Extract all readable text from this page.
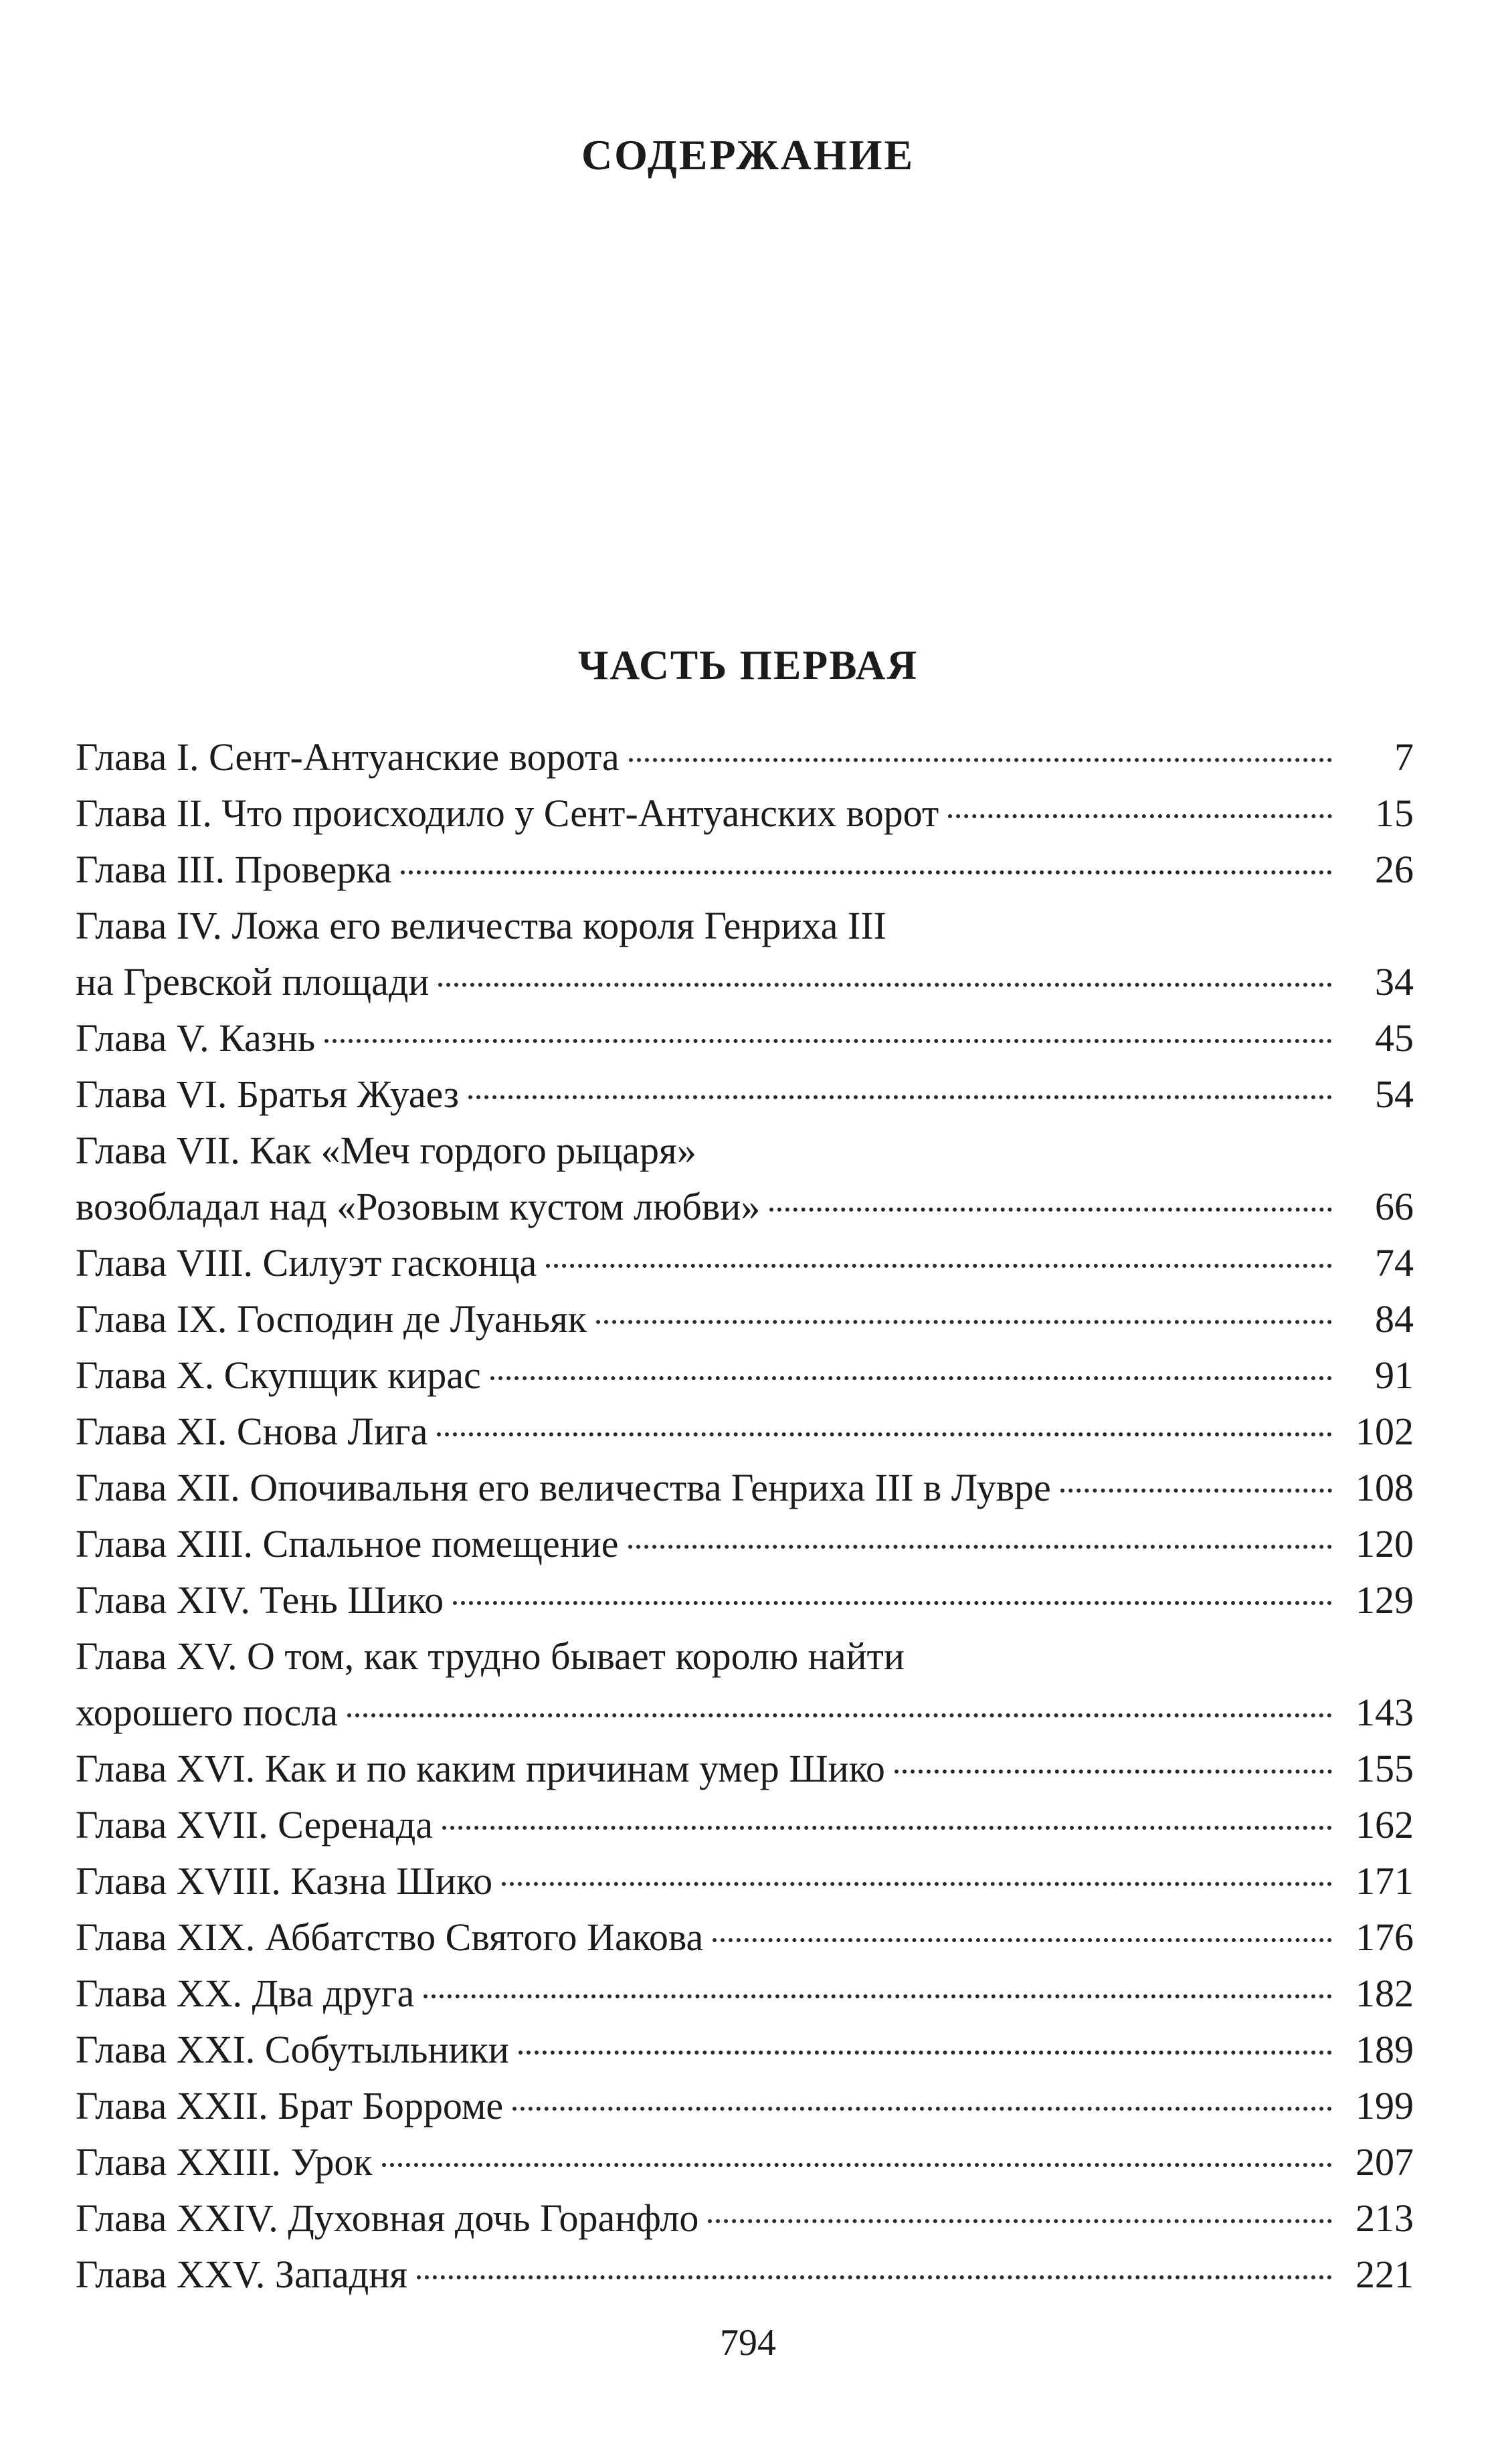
СОДЕРЖАНИЕ
ЧАСТЬ ПЕРВАЯ
Глава I. Сент-Антуанские ворота	7
Глава II. Что происходило у Сент-Антуанских ворот	15
Глава III. Проверка	26
Глава IV. Ложа его величества короля Генриха III
на Гревской площади	34
Глава V. Казнь	45
Глава VI. Братья Жуаез	54
Глава VII. Как «Меч гордого рыцаря»
возобладал над «Розовым кустом любви»	66
Глава VIII. Силуэт гасконца	74
Глава IX. Господин де Луаньяк	84
Глава X. Скупщик кирас	91
Глава XI. Снова Лига	102
Глава XII. Опочивальня его величества Генриха III в Лувре	108
Глава XIII. Спальное помещение	120
Глава XIV. Тень Шико	129
Глава XV. О том, как трудно бывает королю найти
хорошего посла	143
Глава XVI. Как и по каким причинам умер Шико	155
Глава XVII. Серенада	162
Глава XVIII. Казна Шико	171
Глава XIX. Аббатство Святого Иакова	176
Глава XX. Два друга	182
Глава XXI. Собутыльники	189
Глава XXII. Брат Борроме	199
Глава XXIII. Урок	207
Глава XXIV. Духовная дочь Горанфло	213
Глава XXV. Западня	221
794
